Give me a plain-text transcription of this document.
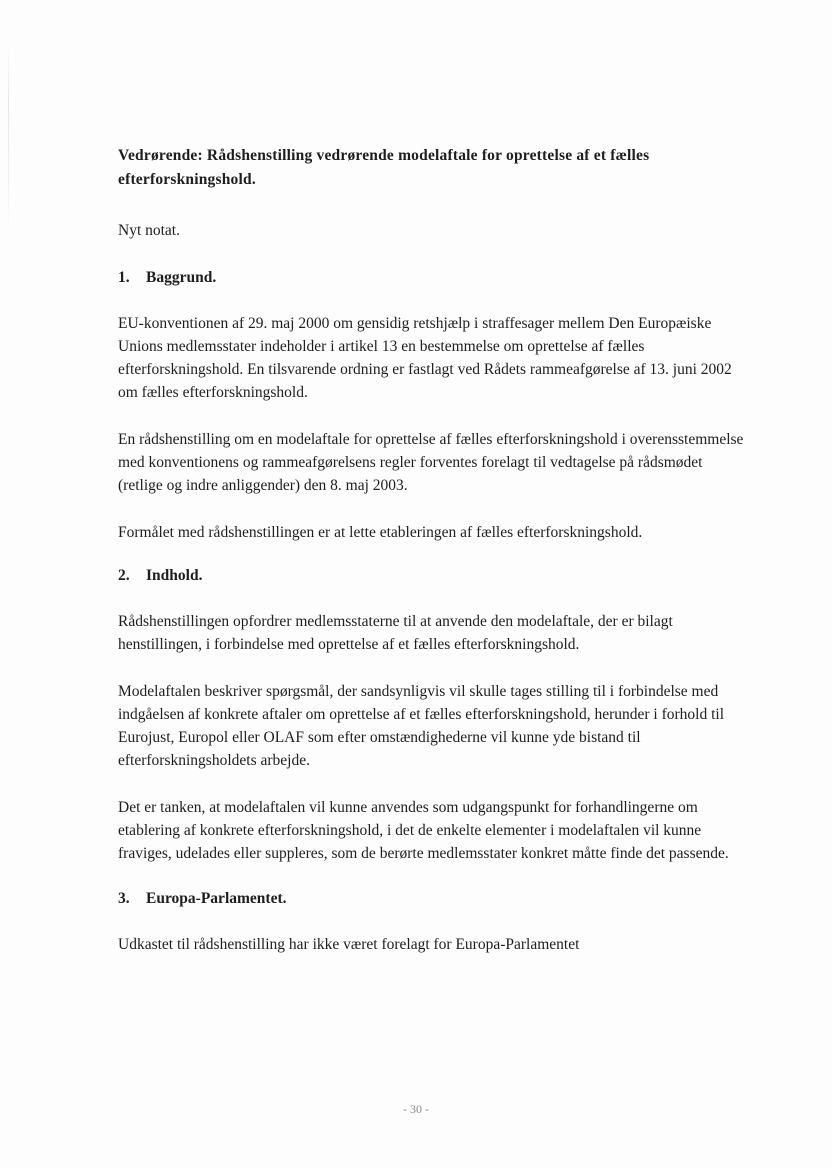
Vedrørende: Rådshenstilling vedrørende modelaftale for oprettelse af et fælles efterforskningshold.

Nyt notat.

1.	Baggrund.

EU-konventionen af 29. maj 2000 om gensidig retshjælp i straffesager mellem Den Europæiske Unions medlemsstater indeholder i artikel 13 en bestemmelse om oprettelse af fælles efterforskningshold. En tilsvarende ordning er fastlagt ved Rådets rammeafgørelse af 13. juni 2002 om fælles efterforskningshold.

En rådshenstilling om en modelaftale for oprettelse af fælles efterforskningshold i overensstemmelse med konventionens og rammeafgørelsens regler forventes forelagt til vedtagelse på rådsmødet (retlige og indre anliggender) den 8. maj 2003.

Formålet med rådshenstillingen er at lette etableringen af fælles efterforskningshold.

2.	Indhold.

Rådshenstillingen opfordrer medlemsstaterne til at anvende den modelaftale, der er bilagt henstillingen, i forbindelse med oprettelse af et fælles efterforskningshold.

Modelaftalen beskriver spørgsmål, der sandsynligvis vil skulle tages stilling til i forbindelse med indgåelsen af konkrete aftaler om oprettelse af et fælles efterforskningshold, herunder i forhold til Eurojust, Europol eller OLAF som efter omstændighederne vil kunne yde bistand til efterforskningsholdets arbejde.

Det er tanken, at modelaftalen vil kunne anvendes som udgangspunkt for forhandlingerne om etablering af konkrete efterforskningshold, i det de enkelte elementer i modelaftalen vil kunne fraviges, udelades eller suppleres, som de berørte medlemsstater konkret måtte finde det passende.

3.	Europa-Parlamentet.

Udkastet til rådshenstilling har ikke været forelagt for Europa-Parlamentet

- 30 -
